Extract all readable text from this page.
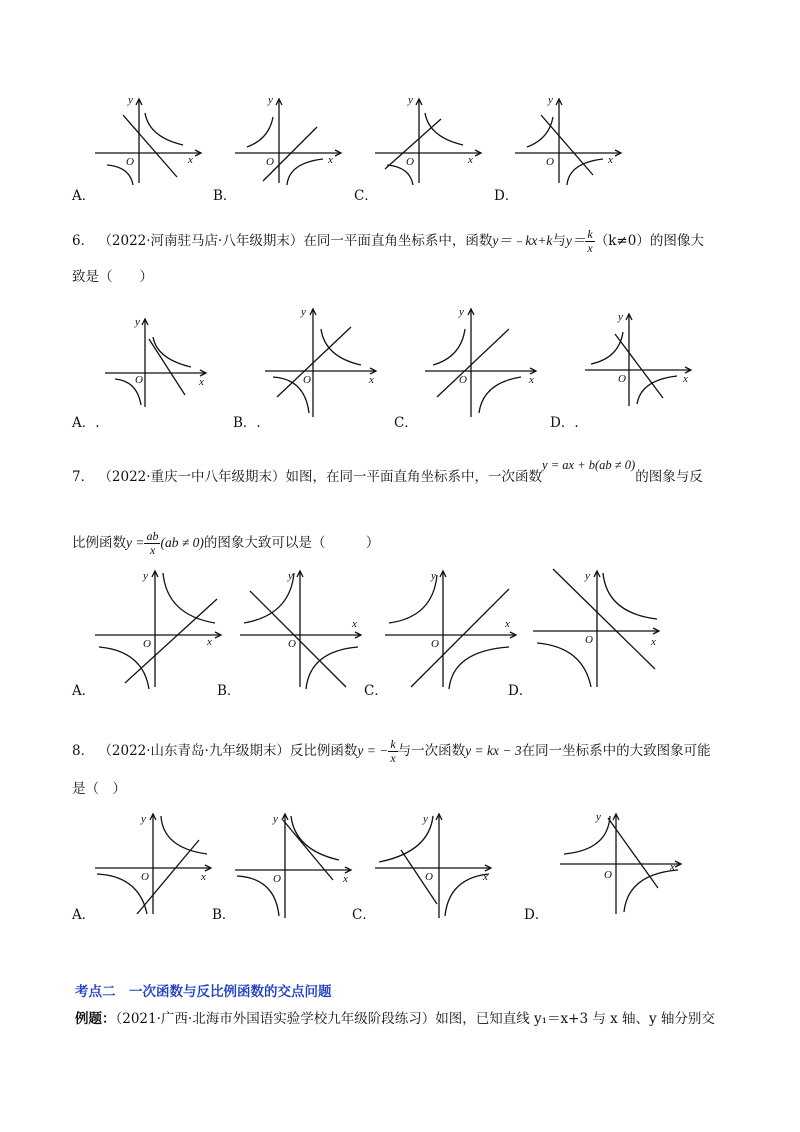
y
x
O
y
x
O
y
x
O
y
x
O
A．	B．	C．	D．
6． （2022·河南驻马店·八年级期末）在同一平面直角坐标系中，函数y＝﹣kx+k与$y= \frac{k}{x} (k\ne 0)$的图像大
致是（　　）
y
x
O
y
x
O
y
x
O
y
x
O
A．.	B．.	C．	D．.
7． （2022·重庆一中八年级期末）如图，在同一平面直角坐标系中，一次函数y = ax + b(ab ≠ 0)的图象与反
比例函数$y = \frac{ab}{x} (ab \ne 0)$的图象大致可以是（　　　）
y
x
O
y
x
O
y
x
O
y
x
O
A．	B．	C．	D．
8． （2022·山东青岛·九年级期末）反比例函数y = − $\frac{k}{x}$ 与一次函数y = kx − 3在同一坐标系中的大致图象可能
是（　）
y
x
O
y
x
O
y
x
O
y
x
O
A．	B．	C．	D．
考点二　一次函数与反比例函数的交点问题
例题：（2021·广西·北海市外国语实验学校九年级阶段练习）如图，已知直线 y₁＝x+3 与 x 轴、y 轴分别交
